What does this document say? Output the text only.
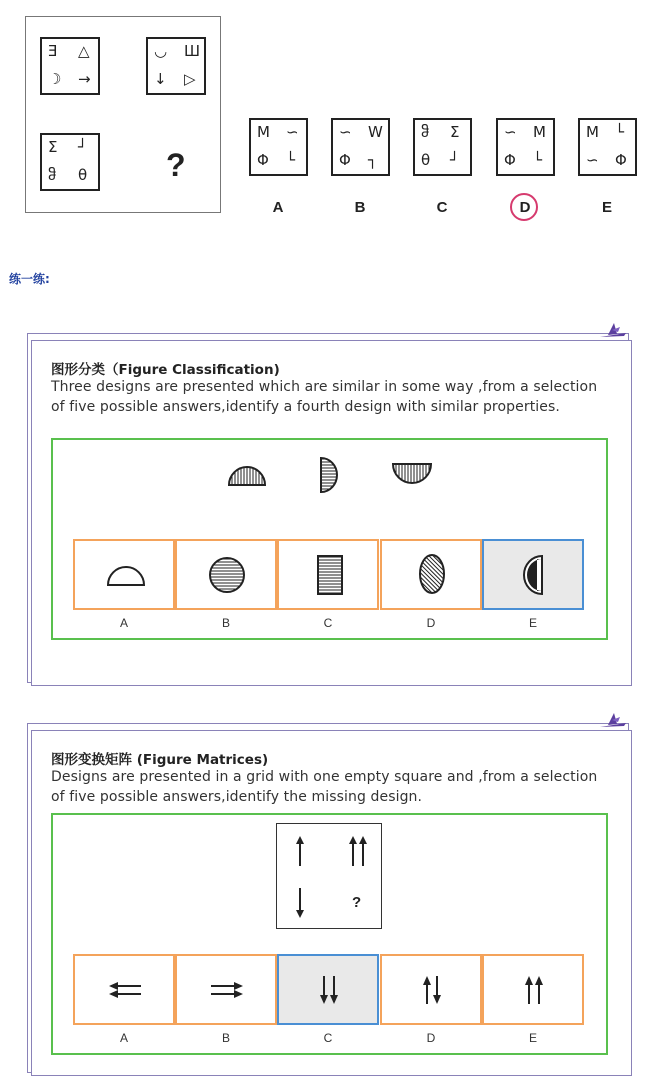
Ǝ △
☽ →
◡ Ш
↓ ▷
Σ ┘
ჵ θ ?
M ∽
Φ └
A
∽ W
Φ ┐
B
ჵ Σ
θ ┘
C
∽ M
Φ └
D
M └
∽ Φ
E
练一练:
图形分类（Figure Classification)
Three designs are presented which are similar in some way ,from a selection
of five possible answers,identify a fourth design with similar properties.
A	B	C	D	E
图形变换矩阵 (Figure Matrices)
Designs are presented in a grid with one empty square and ,from a selection
of five possible answers,identify the missing design.
?
A	B	C	D	E
